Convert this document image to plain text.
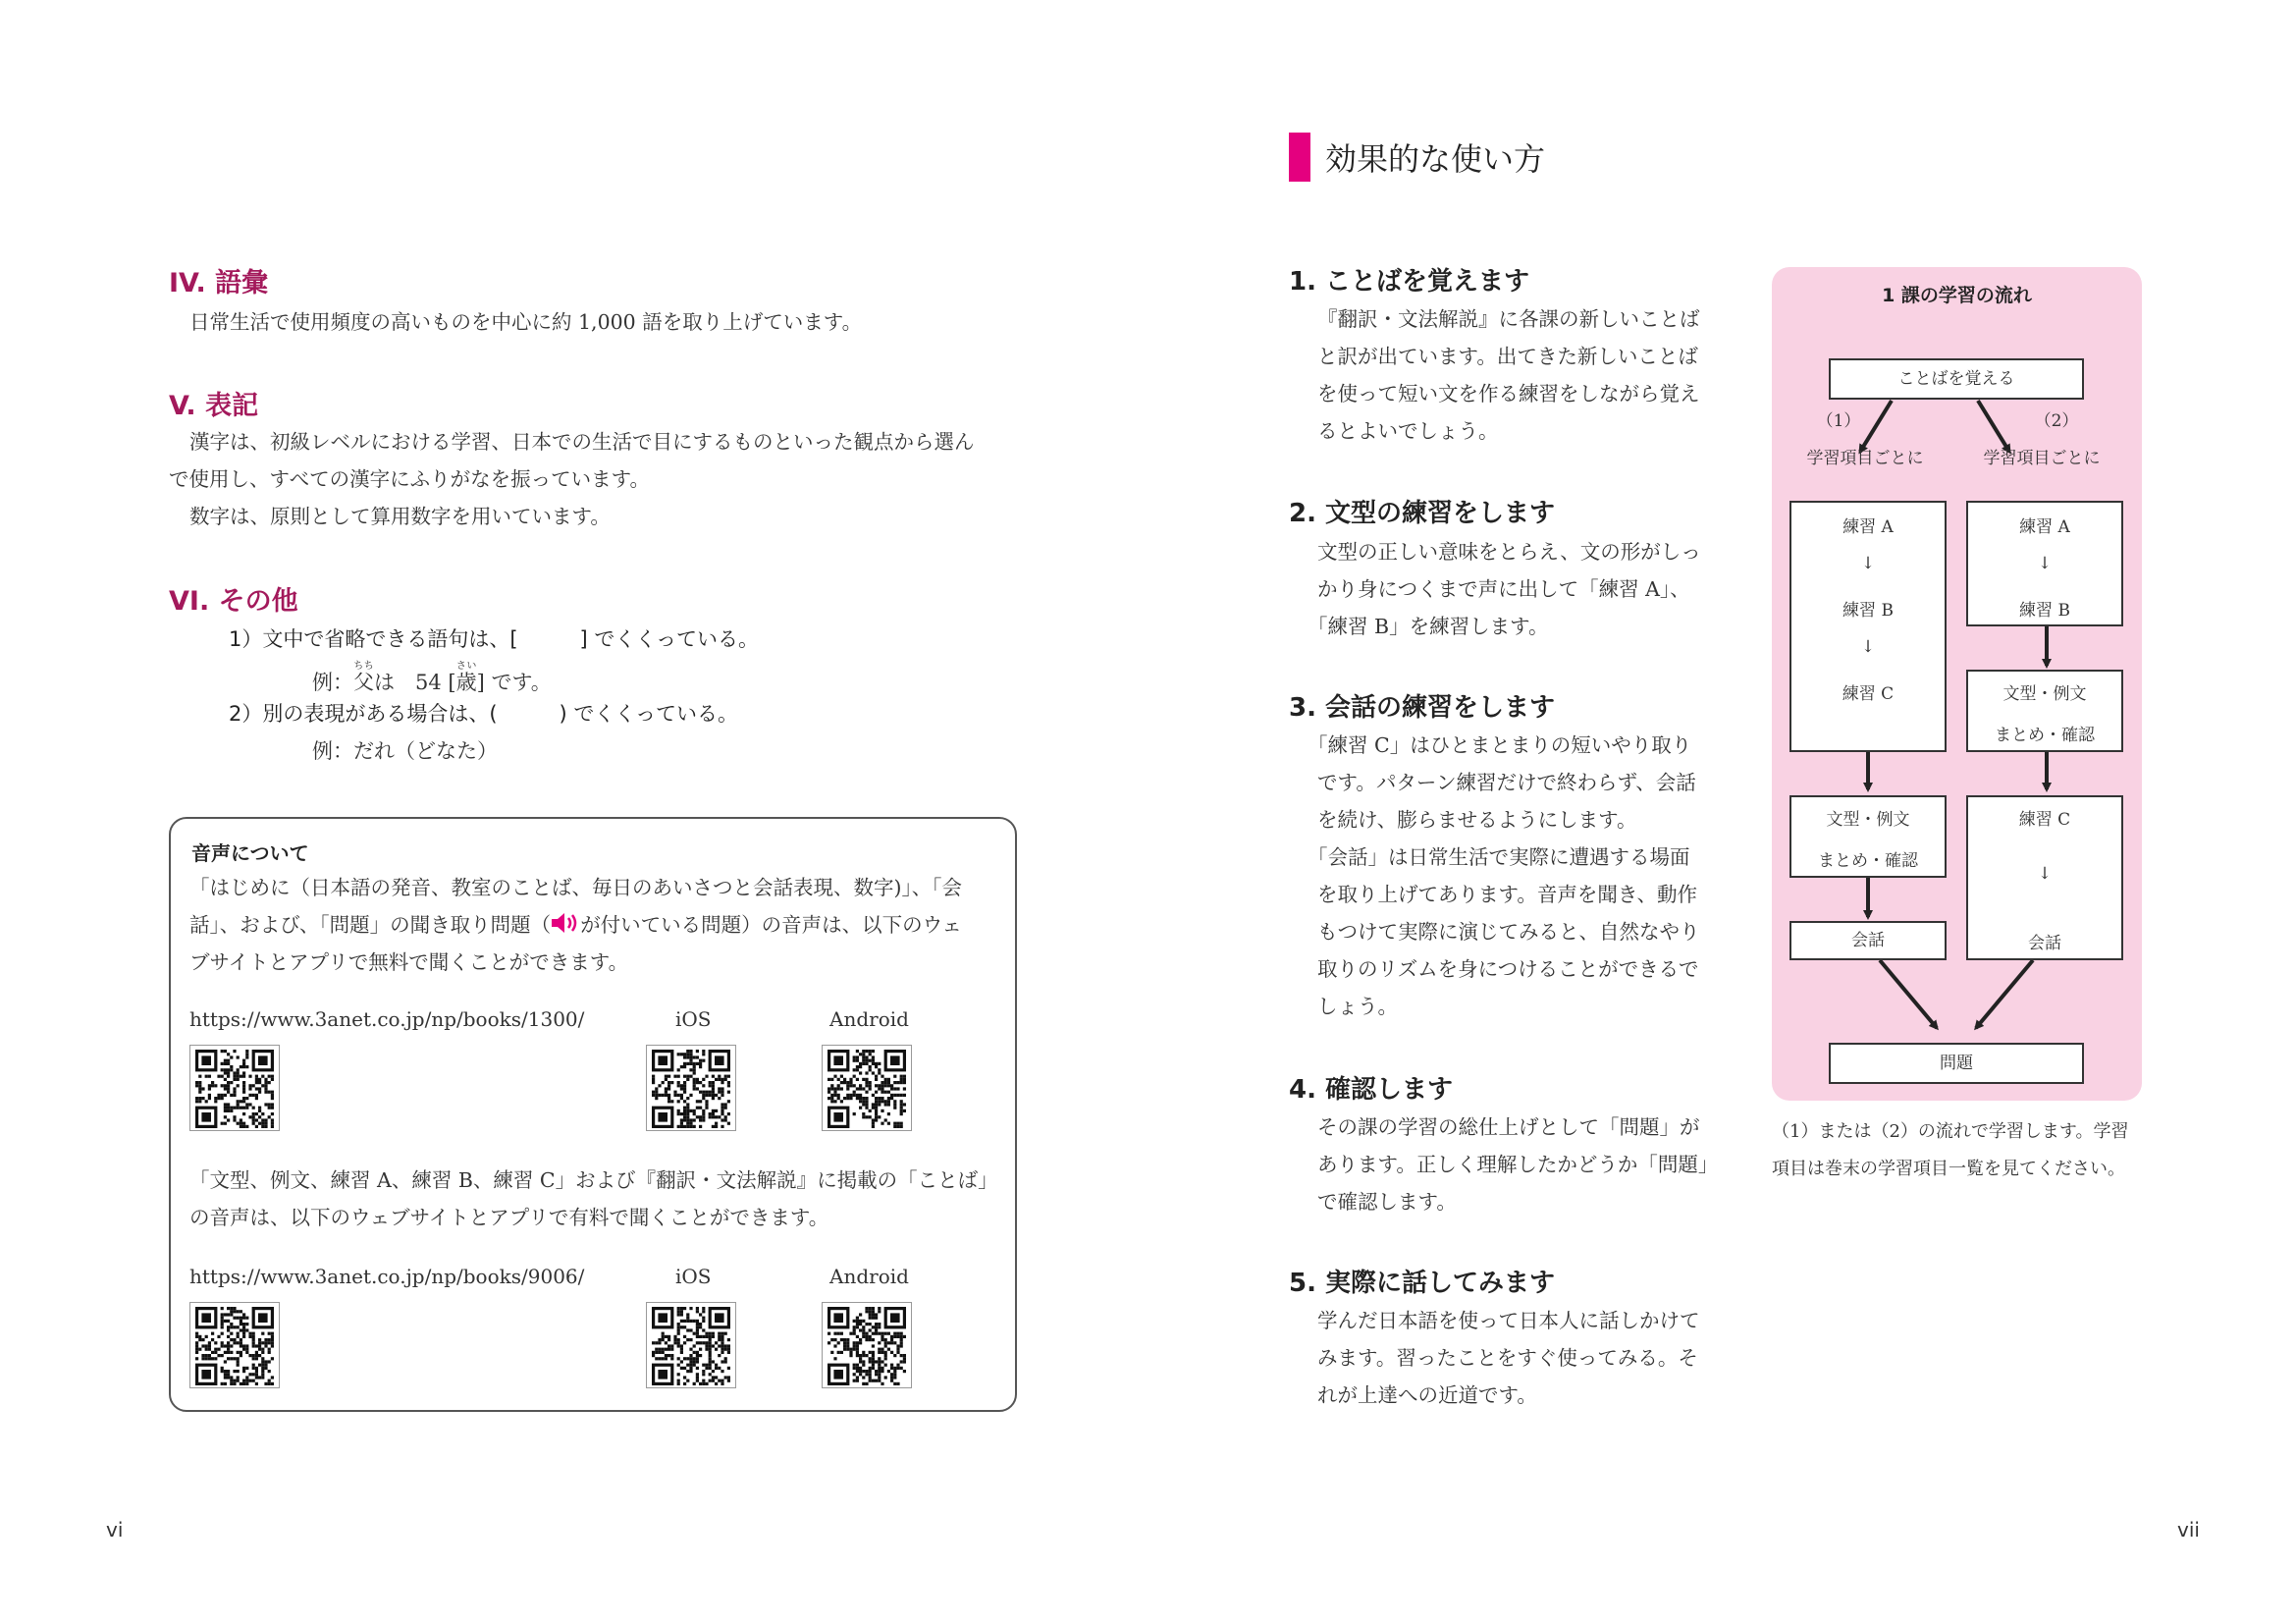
IV. 語彙
日常生活で使用頻度の高いものを中心に約 1,000 語を取り上げています。
V. 表記
漢字は、初級レベルにおける学習、日本での生活で目にするものといった観点から選ん
で使用し、すべての漢字にふりがなを振っています。
数字は、原則として算用数字を用いています。
VI. その他
1）文中で省略できる語句は、[　　　] でくくっている。
例：父ちちは　54 [歳さい] です。
2）別の表現がある場合は、(　　　) でくくっている。
例：だれ（どなた）
音声について
「はじめに（日本語の発音、教室のことば、毎日のあいさつと会話表現、数字)」、「会
話」、および、「問題」の聞き取り問題（ が付いている問題）の音声は、以下のウェ
ブサイトとアプリで無料で聞くことができます。
https://www.3anet.co.jp/np/books/1300/	iOS	Android
「文型、例文、練習 A、練習 B、練習 C」および『翻訳・文法解説』に掲載の「ことば」
の音声は、以下のウェブサイトとアプリで有料で聞くことができます。
https://www.3anet.co.jp/np/books/9006/	iOS	Android
vi
効果的な使い方
1. ことばを覚えます
『翻訳・文法解説』に各課の新しいことば
と訳が出ています。出てきた新しいことば
を使って短い文を作る練習をしながら覚え
るとよいでしょう。
2. 文型の練習をします
文型の正しい意味をとらえ、文の形がしっ
かり身につくまで声に出して「練習 A」、
「練習 B」を練習します。
3. 会話の練習をします
「練習 C」はひとまとまりの短いやり取り
です。パターン練習だけで終わらず、会話
を続け、膨らませるようにします。
「会話」は日常生活で実際に遭遇する場面
を取り上げてあります。音声を聞き、動作
もつけて実際に演じてみると、自然なやり
取りのリズムを身につけることができるで
しょう。
4. 確認します
その課の学習の総仕上げとして「問題」が
あります。正しく理解したかどうか「問題」
で確認します。
5. 実際に話してみます
学んだ日本語を使って日本人に話しかけて
みます。習ったことをすぐ使ってみる。そ
れが上達への近道です。
1 課の学習の流れ
ことばを覚える
（1）	（2）
学習項目ごとに	学習項目ごとに
練習 A
↓
練習 B
↓
練習 C
練習 A
↓
練習 B
文型・例文
まとめ・確認
文型・例文
まとめ・確認
会話
練習 C
↓
会話
問題
（1）または（2）の流れで学習します。学習
項目は巻末の学習項目一覧を見てください。
vii
